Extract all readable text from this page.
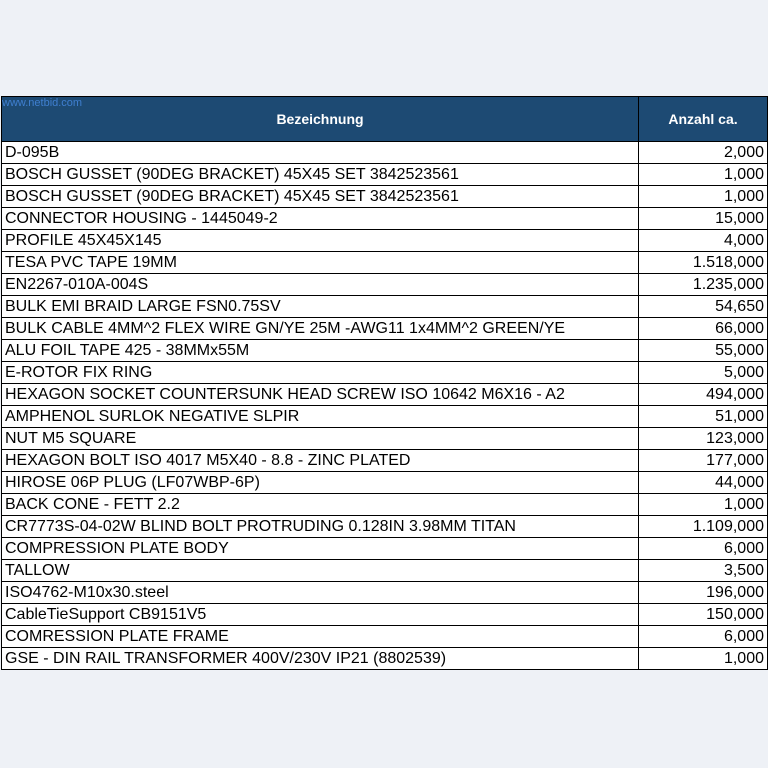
www.netbid.com
Bezeichnung	Anzahl ca.
D-095B	2,000
BOSCH GUSSET (90DEG BRACKET) 45X45 SET 3842523561	1,000
BOSCH GUSSET (90DEG BRACKET) 45X45 SET 3842523561	1,000
CONNECTOR HOUSING - 1445049-2	15,000
PROFILE 45X45X145	4,000
TESA PVC TAPE 19MM	1.518,000
EN2267-010A-004S	1.235,000
BULK EMI BRAID LARGE FSN0.75SV	54,650
BULK CABLE 4MM^2 FLEX WIRE GN/YE 25M -AWG11 1x4MM^2 GREEN/YE	66,000
ALU FOIL TAPE 425 - 38MMx55M	55,000
E-ROTOR FIX RING	5,000
HEXAGON SOCKET COUNTERSUNK HEAD SCREW ISO 10642 M6X16 - A2	494,000
AMPHENOL SURLOK NEGATIVE SLPIR	51,000
NUT M5 SQUARE	123,000
HEXAGON BOLT ISO 4017 M5X40 - 8.8 - ZINC PLATED	177,000
HIROSE 06P PLUG (LF07WBP-6P)	44,000
BACK CONE - FETT 2.2	1,000
CR7773S-04-02W BLIND BOLT PROTRUDING 0.128IN 3.98MM TITAN	1.109,000
COMPRESSION PLATE BODY	6,000
TALLOW	3,500
ISO4762-M10x30.steel	196,000
CableTieSupport CB9151V5	150,000
COMRESSION PLATE FRAME	6,000
GSE - DIN RAIL TRANSFORMER 400V/230V IP21 (8802539)	1,000
